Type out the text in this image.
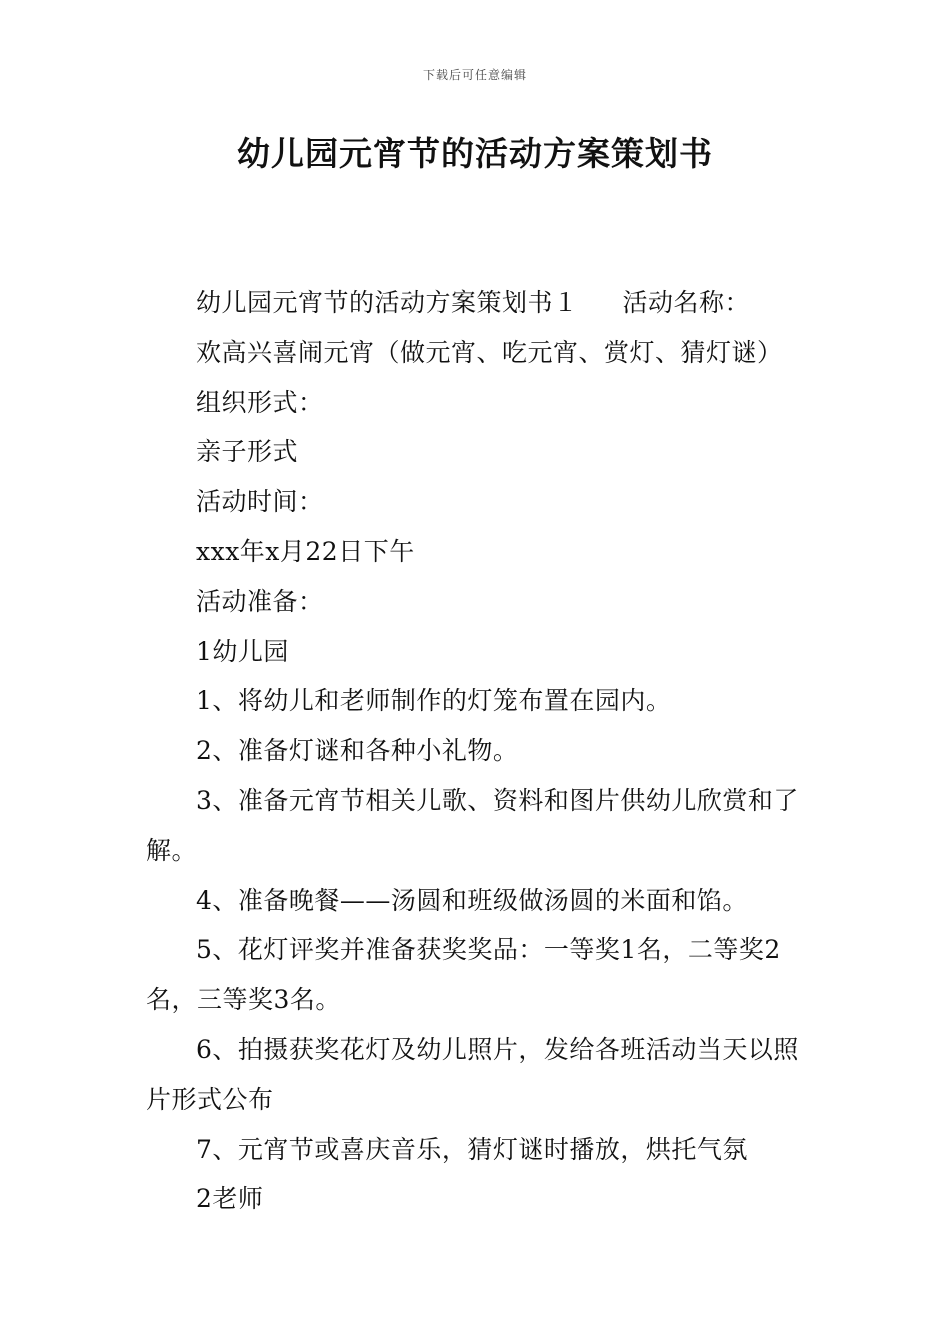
下载后可任意编辑
幼儿园元宵节的活动方案策划书

幼儿园元宵节的活动方案策划书１ 活动名称：

欢高兴喜闹元宵（做元宵、吃元宵、赏灯、猜灯谜）

组织形式：

亲子形式

活动时间：

xxx年x月22日下午

活动准备：

1幼儿园

1、将幼儿和老师制作的灯笼布置在园内。

2、准备灯谜和各种小礼物。

3、准备元宵节相关儿歌、资料和图片供幼儿欣赏和了解。

4、准备晚餐——汤圆和班级做汤圆的米面和馅。

5、花灯评奖并准备获奖奖品：一等奖1名，二等奖2名，三等奖3名。

6、拍摄获奖花灯及幼儿照片，发给各班活动当天以照片形式公布

7、元宵节或喜庆音乐，猜灯谜时播放，烘托气氛

2老师
